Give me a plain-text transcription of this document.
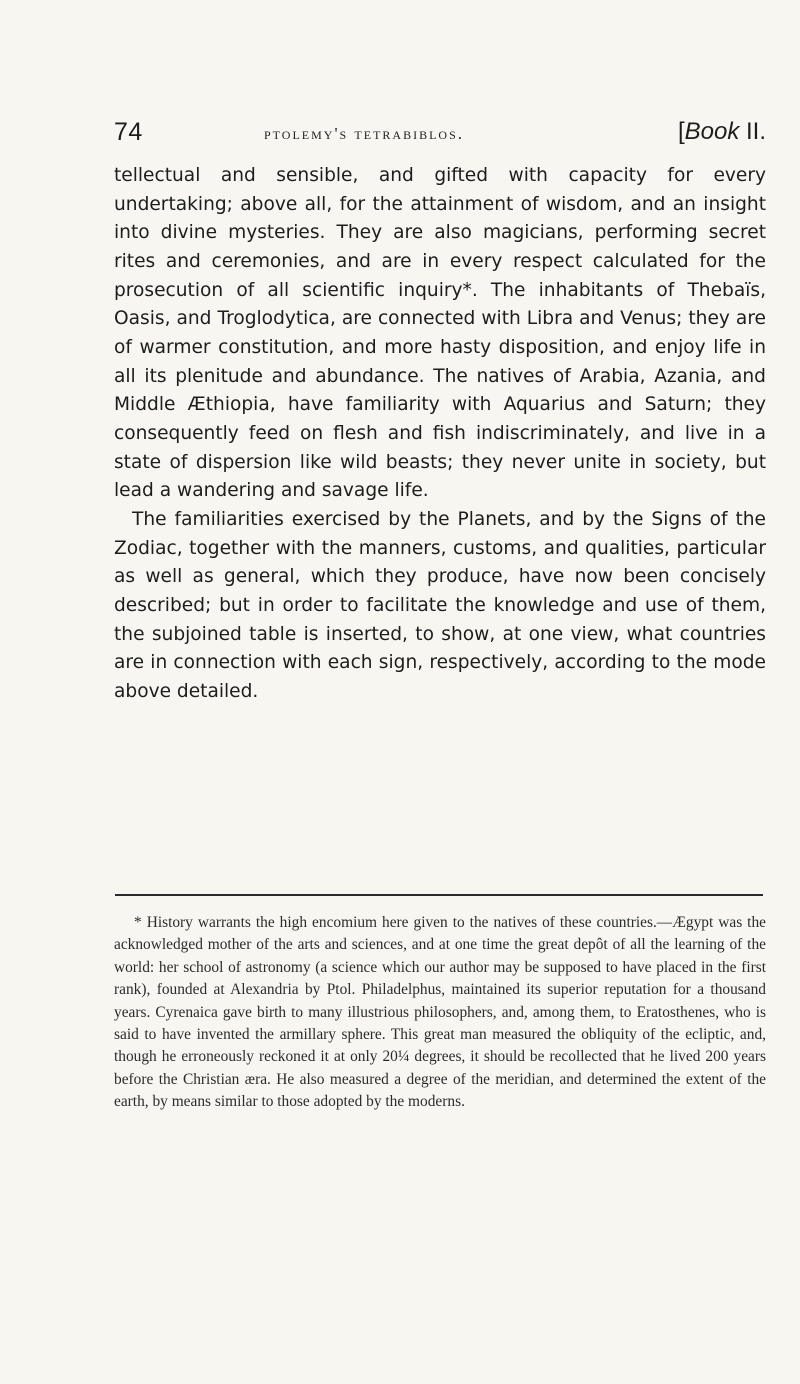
74	ptolemy's tetrabiblos.	[Book II.

tellectual and sensible, and gifted with capacity for every undertaking; above all, for the attainment of wisdom, and an insight into divine mysteries. They are also magicians, performing secret rites and ceremonies, and are in every respect calculated for the prosecution of all scientific inquiry*. The inhabitants of Thebaïs, Oasis, and Troglodytica, are connected with Libra and Venus; they are of warmer constitution, and more hasty disposition, and enjoy life in all its plenitude and abundance. The natives of Arabia, Azania, and Middle Æthiopia, have familiarity with Aquarius and Saturn; they consequently feed on flesh and fish indiscriminately, and live in a state of dispersion like wild beasts; they never unite in society, but lead a wandering and savage life.

The familiarities exercised by the Planets, and by the Signs of the Zodiac, together with the manners, customs, and qualities, particular as well as general, which they produce, have now been concisely described; but in order to facilitate the knowledge and use of them, the subjoined table is inserted, to show, at one view, what countries are in connection with each sign, respectively, according to the mode above detailed.

* History warrants the high encomium here given to the natives of these countries.—Ægypt was the acknowledged mother of the arts and sciences, and at one time the great depôt of all the learning of the world: her school of astronomy (a science which our author may be supposed to have placed in the first rank), founded at Alexandria by Ptol. Philadelphus, maintained its superior reputation for a thousand years. Cyrenaica gave birth to many illustrious philosophers, and, among them, to Eratosthenes, who is said to have invented the armillary sphere. This great man measured the obliquity of the ecliptic, and, though he erroneously reckoned it at only 20¼ degrees, it should be recollected that he lived 200 years before the Christian æra. He also measured a degree of the meridian, and determined the extent of the earth, by means similar to those adopted by the moderns.
